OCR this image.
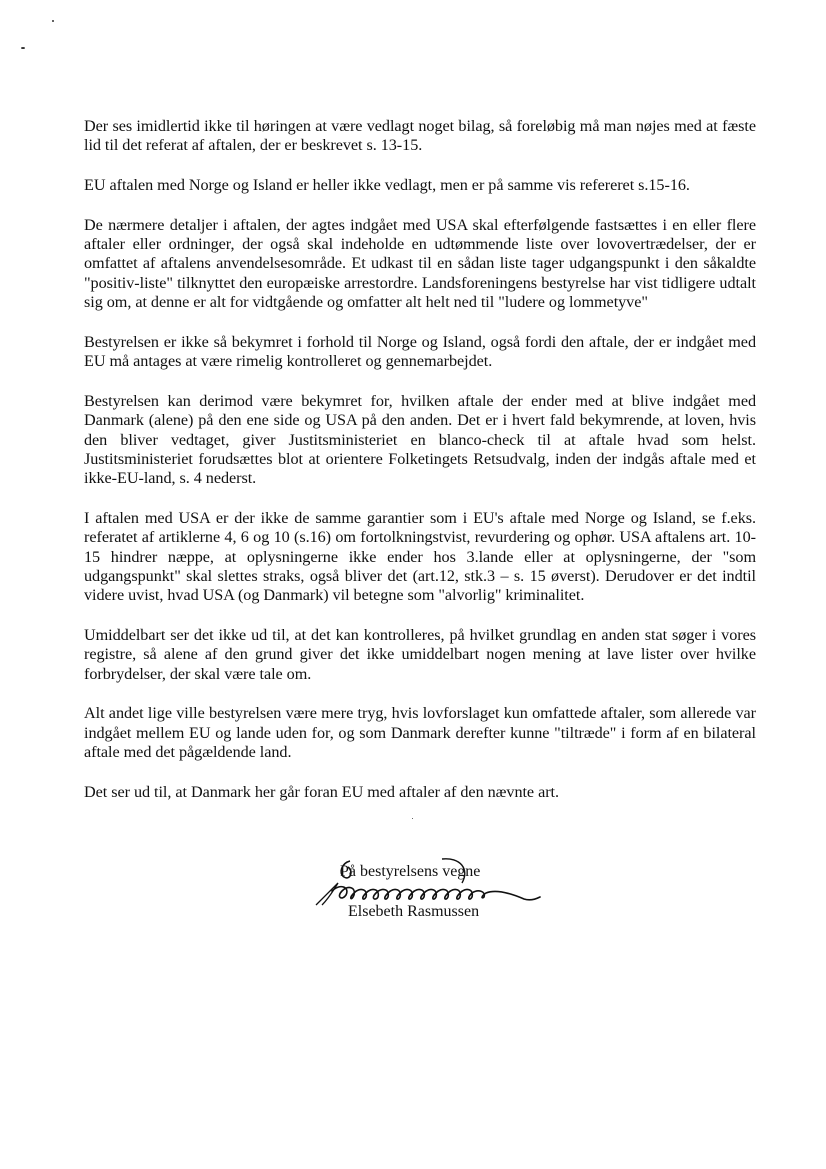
Der ses imidlertid ikke til høringen at være vedlagt noget bilag, så foreløbig må man nøjes med at fæste lid til det referat af aftalen, der er beskrevet s. 13-15.

EU aftalen med Norge og Island er heller ikke vedlagt, men er på samme vis refereret s.15-16.

De nærmere detaljer i aftalen, der agtes indgået med USA skal efterfølgende fastsættes i en eller flere aftaler eller ordninger, der også skal indeholde en udtømmende liste over lovovertrædelser, der er omfattet af aftalens anvendelsesområde. Et udkast til en sådan liste tager udgangspunkt i den såkaldte "positiv-liste" tilknyttet den europæiske arrestordre. Landsforeningens bestyrelse har vist tidligere udtalt sig om, at denne er alt for vidtgående og omfatter alt helt ned til "ludere og lommetyve"

Bestyrelsen er ikke så bekymret i forhold til Norge og Island, også fordi den aftale, der er indgået med EU må antages at være rimelig kontrolleret og gennemarbejdet.

Bestyrelsen kan derimod være bekymret for, hvilken aftale der ender med at blive indgået med Danmark (alene) på den ene side og USA på den anden. Det er i hvert fald bekymrende, at loven, hvis den bliver vedtaget, giver Justitsministeriet en blanco-check til at aftale hvad som helst. Justitsministeriet forudsættes blot at orientere Folketingets Retsudvalg, inden der indgås aftale med et ikke-EU-land, s. 4 nederst.

I aftalen med USA er der ikke de samme garantier som i EU's aftale med Norge og Island, se f.eks. referatet af artiklerne 4, 6 og 10 (s.16) om fortolkningstvist, revurdering og ophør. USA aftalens art. 10-15 hindrer næppe, at oplysningerne ikke ender hos 3.lande eller at oplysningerne, der "som udgangspunkt" skal slettes straks, også bliver det (art.12, stk.3 – s. 15 øverst). Derudover er det indtil videre uvist, hvad USA (og Danmark) vil betegne som "alvorlig" kriminalitet.

Umiddelbart ser det ikke ud til, at det kan kontrolleres, på hvilket grundlag en anden stat søger i vores registre, så alene af den grund giver det ikke umiddelbart nogen mening at lave lister over hvilke forbrydelser, der skal være tale om.

Alt andet lige ville bestyrelsen være mere tryg, hvis lovforslaget kun omfattede aftaler, som allerede var indgået mellem EU og lande uden for, og som Danmark derefter kunne "tiltræde" i form af en bilateral aftale med det pågældende land.

Det ser ud til, at Danmark her går foran EU med aftaler af den nævnte art.

På bestyrelsens vegne
Elsebeth Rasmussen
